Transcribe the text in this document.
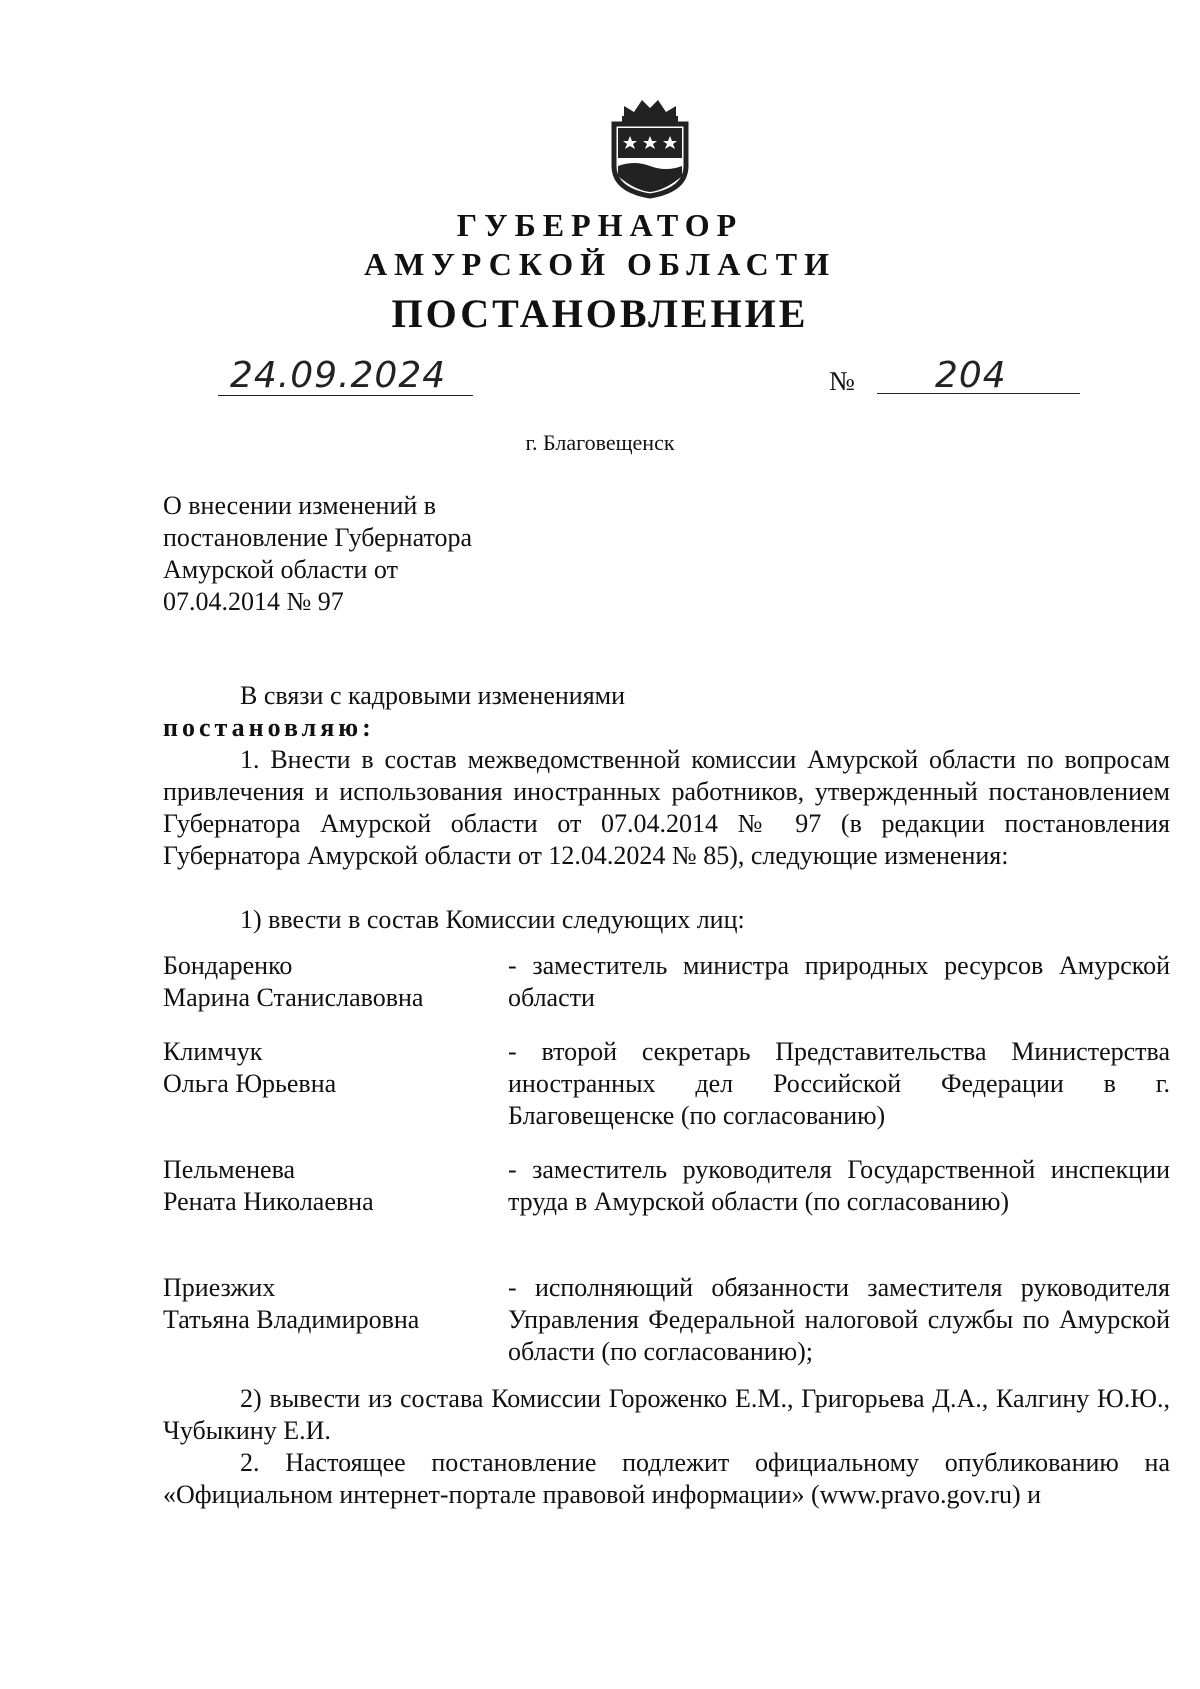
ГУБЕРНАТОР
АМУРСКОЙ ОБЛАСТИ
ПОСТАНОВЛЕНИЕ
24.09.2024	№ 204
г. Благовещенск
О внесении изменений в
постановление Губернатора
Амурской области от
07.04.2014 № 97
В связи с кадровыми изменениями
постановляю:
1. Внести в состав межведомственной комиссии Амурской области по вопросам привлечения и использования иностранных работников, утвержденный постановлением Губернатора Амурской области от 07.04.2014 № 97 (в редакции постановления Губернатора Амурской области от 12.04.2024 № 85), следующие изменения:
1) ввести в состав Комиссии следующих лиц:
Бондаренко
Марина Станиславовна
- заместитель министра природных ресурсов Амурской области
Климчук
Ольга Юрьевна
- второй секретарь Представительства Министерства иностранных дел Российской Федерации в г. Благовещенске (по согласованию)
Пельменева
Рената Николаевна
- заместитель руководителя Государственной инспекции труда в Амурской области (по согласованию)
Приезжих
Татьяна Владимировна
- исполняющий обязанности заместителя руководителя Управления Федеральной налоговой службы по Амурской области (по согласованию);
2) вывести из состава Комиссии Гороженко Е.М., Григорьева Д.А., Калгину Ю.Ю., Чубыкину Е.И.
2. Настоящее постановление подлежит официальному опубликованию на «Официальном интернет-портале правовой информации» (www.pravo.gov.ru) и
